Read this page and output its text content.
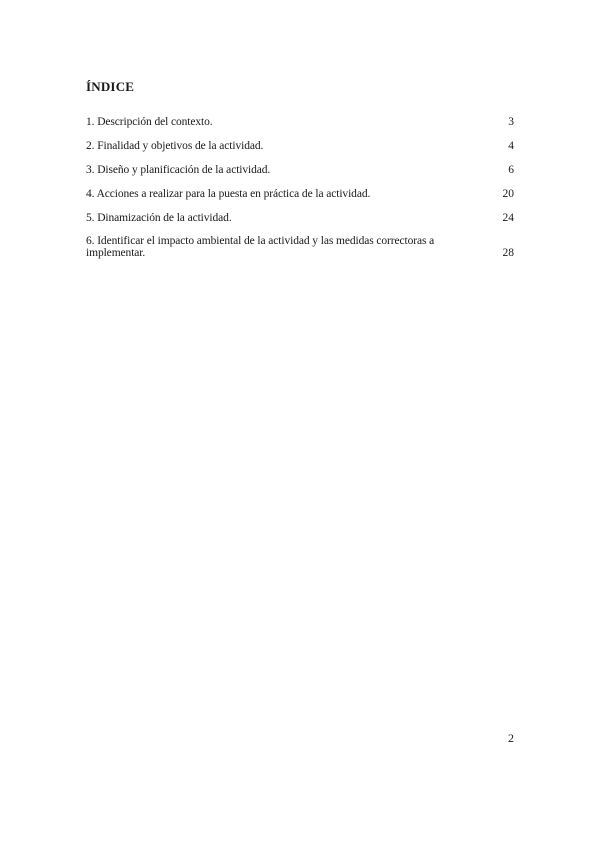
ÍNDICE
1. Descripción del contexto.	3
2. Finalidad y objetivos de la actividad.	4
3. Diseño y planificación de la actividad.	6
4. Acciones a realizar para la puesta en práctica de la actividad.	20
5. Dinamización de la actividad.	24
6. Identificar el impacto ambiental de la actividad y las medidas correctoras a implementar.	28
2
